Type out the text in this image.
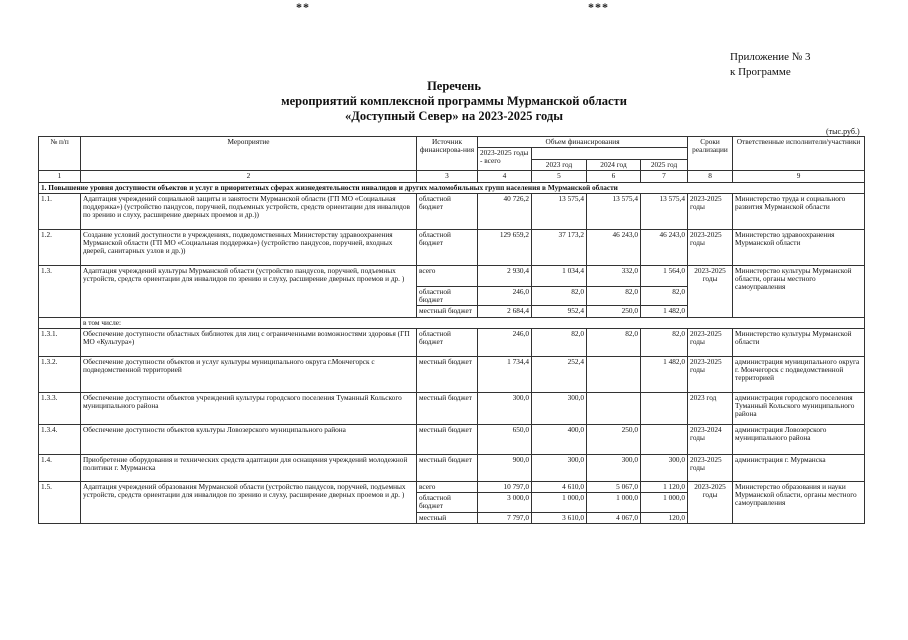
**	***
Приложение № 3
к Программе
Перечень
мероприятий комплексной программы Мурманской области
«Доступный Север» на 2023-2025 годы
(тыс.руб.)
№ п/п	Мероприятие	Источник финансирова-ния	Объем финансирования				Сроки реализации	Ответственные исполнители/участники
			2023-2025 годы - всего					
				2023 год	2024 год	2025 год		
1	2	3	4	5	6	7	8	9
1. Повышение уровня доступности объектов и услуг в приоритетных сферах жизнедеятельности инвалидов и других маломобильных групп населения в Мурманской области								
1.1.	Адаптация учреждений социальной защиты и занятости Мурманской области (ГП МО «Социальная поддержка») (устройство пандусов, поручней, подъемных устройств, средств ориентации для инвалидов по зрению и слуху, расширение дверных проемов и др.))	областной бюджет	40 726,2	13 575,4	13 575,4	13 575,4	2023-2025 годы	Министерство труда и социального развития Мурманской области
1.2.	Создание условий доступности в учреждениях, подведомственных Министерству здравоохранения Мурманской области (ГП МО «Социальная поддержка») (устройство пандусов, поручней, входных дверей, санитарных узлов и др.))	областной бюджет	129 659,2	37 173,2	46 243,0	46 243,0	2023-2025 годы	Министерство здравоохранения Мурманской области
1.3.	Адаптация учреждений культуры Мурманской области (устройство пандусов, поручней, подъемных устройств, средств ориентации для инвалидов по зрению и слуху, расширение дверных проемов и др. )	всего	2 930,4	1 034,4	332,0	1 564,0	2023-2025 годы	Министерство культуры Мурманской области, органы местного самоуправления
		областной бюджет	246,0	82,0	82,0	82,0		
		местный бюджет	2 684,4	952,4	250,0	1 482,0		
	в том числе:							
1.3.1.	Обеспечение доступности областных библиотек для лиц с ограниченными возможностями здоровья (ГП МО «Культура»)	областной бюджет	246,0	82,0	82,0	82,0	2023-2025 годы	Министерство культуры Мурманской области
1.3.2.	Обеспечение доступности объектов и услуг культуры муниципального округа г.Мончегорск с подведомственной территорией	местный бюджет	1 734,4	252,4		1 482,0	2023-2025 годы	администрация муниципального округа г. Мончегорск с подведомственной территорией
1.3.3.	Обеспечение доступности объектов учреждений культуры городского поселения Туманный Кольского муниципального района	местный бюджет	300,0	300,0			2023 год	администрация городского поселения Туманный Кольского муниципального района
1.3.4.	Обеспечение доступности объектов культуры Ловозерского муниципального района	местный бюджет	650,0	400,0	250,0		2023-2024 годы	администрация Ловозерского муниципального района
1.4.	Приобретение оборудования и технических средств адаптации для оснащения учреждений молодежной политики г. Мурманска	местный бюджет	900,0	300,0	300,0	300,0	2023-2025 годы	администрация г. Мурманска
1.5.	Адаптация учреждений образования Мурманской области (устройство пандусов, поручней, подъемных устройств, средств ориентации для инвалидов по зрению и слуху, расширение дверных проемов и др. )	всего	10 797,0	4 610,0	5 067,0	1 120,0	2023-2025 годы	Министерство образования и науки Мурманской области, органы местного самоуправления
		областной бюджет	3 000,0	1 000,0	1 000,0	1 000,0		
		местный	7 797,0	3 610,0	4 067,0	120,0		
